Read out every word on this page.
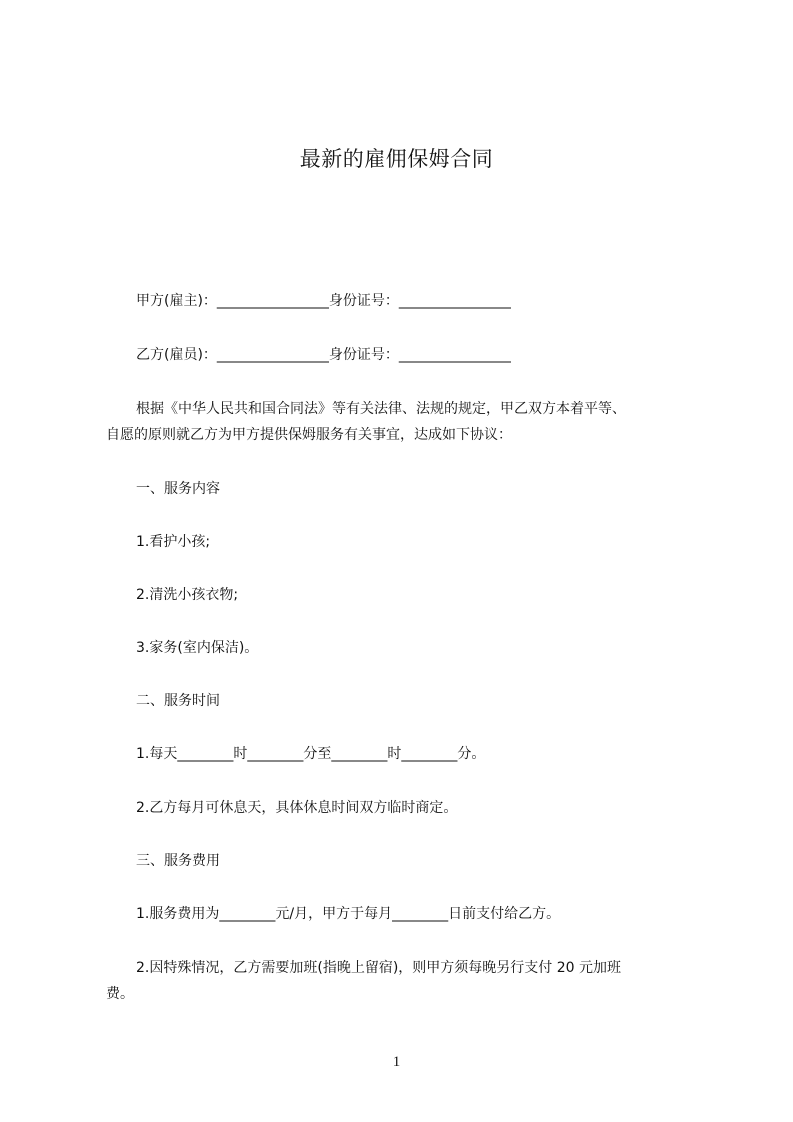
最新的雇佣保姆合同
甲方(雇主)：________________身份证号：________________
乙方(雇员)：________________身份证号：________________
根据《中华人民共和国合同法》等有关法律、法规的规定，甲乙双方本着平等、
自愿的原则就乙方为甲方提供保姆服务有关事宜，达成如下协议：
一、服务内容
1.看护小孩;
2.清洗小孩衣物;
3.家务(室内保洁)。
二、服务时间
1.每天________时________分至________时________分。
2.乙方每月可休息天，具体休息时间双方临时商定。
三、服务费用
1.服务费用为________元/月，甲方于每月________日前支付给乙方。
2.因特殊情况，乙方需要加班(指晚上留宿)，则甲方须每晚另行支付 20 元加班
费。
1
